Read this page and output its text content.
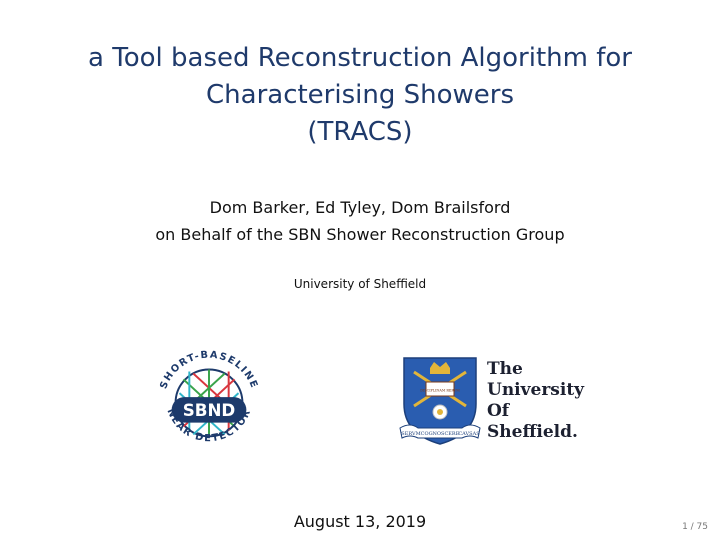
a Tool based Reconstruction Algorithm for
Characterising Showers
(TRACS)
Dom Barker, Ed Tyley, Dom Brailsford
on Behalf of the SBN Shower Reconstruction Group
University of Sheffield
SBND
SHORT-BASELINE
NEAR DETECTOR
DISCIPLINAM RERVM
SERVM COGNOSCERE CAVSAS
The
University
Of
Sheffield.
August 13, 2019	1 / 75
